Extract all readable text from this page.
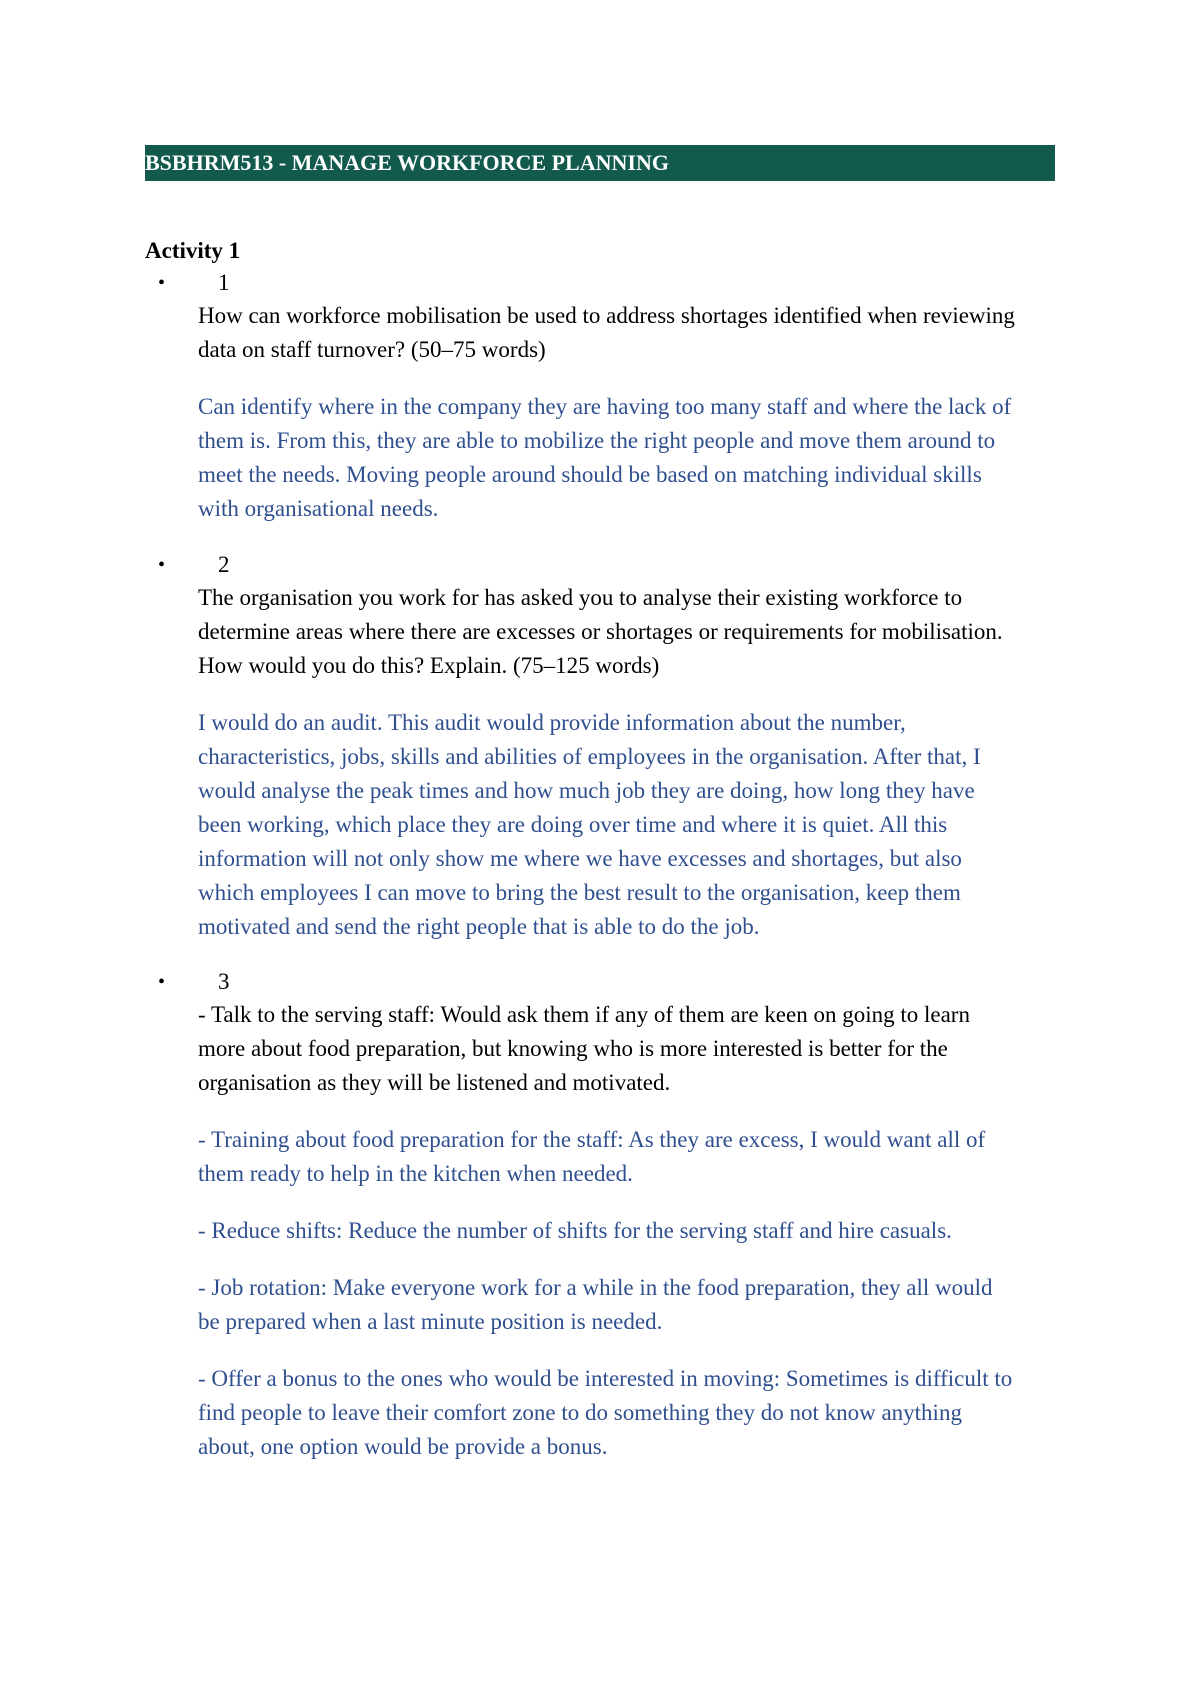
BSBHRM513 - MANAGE WORKFORCE PLANNING
Activity 1
• 1

How can workforce mobilisation be used to address shortages identified when reviewing data on staff turnover? (50–75 words)

Can identify where in the company they are having too many staff and where the lack of them is. From this, they are able to mobilize the right people and move them around to meet the needs. Moving people around should be based on matching individual skills with organisational needs.

• 2

The organisation you work for has asked you to analyse their existing workforce to determine areas where there are excesses or shortages or requirements for mobilisation. How would you do this? Explain. (75–125 words)

I would do an audit. This audit would provide information about the number, characteristics, jobs, skills and abilities of employees in the organisation. After that, I would analyse the peak times and how much job they are doing, how long they have been working, which place they are doing over time and where it is quiet. All this information will not only show me where we have excesses and shortages, but also which employees I can move to bring the best result to the organisation, keep them motivated and send the right people that is able to do the job.

• 3

- Talk to the serving staff: Would ask them if any of them are keen on going to learn more about food preparation, but knowing who is more interested is better for the organisation as they will be listened and motivated.

- Training about food preparation for the staff: As they are excess, I would want all of them ready to help in the kitchen when needed.

- Reduce shifts: Reduce the number of shifts for the serving staff and hire casuals.

- Job rotation: Make everyone work for a while in the food preparation, they all would be prepared when a last minute position is needed.

- Offer a bonus to the ones who would be interested in moving: Sometimes is difficult to find people to leave their comfort zone to do something they do not know anything about, one option would be provide a bonus.
